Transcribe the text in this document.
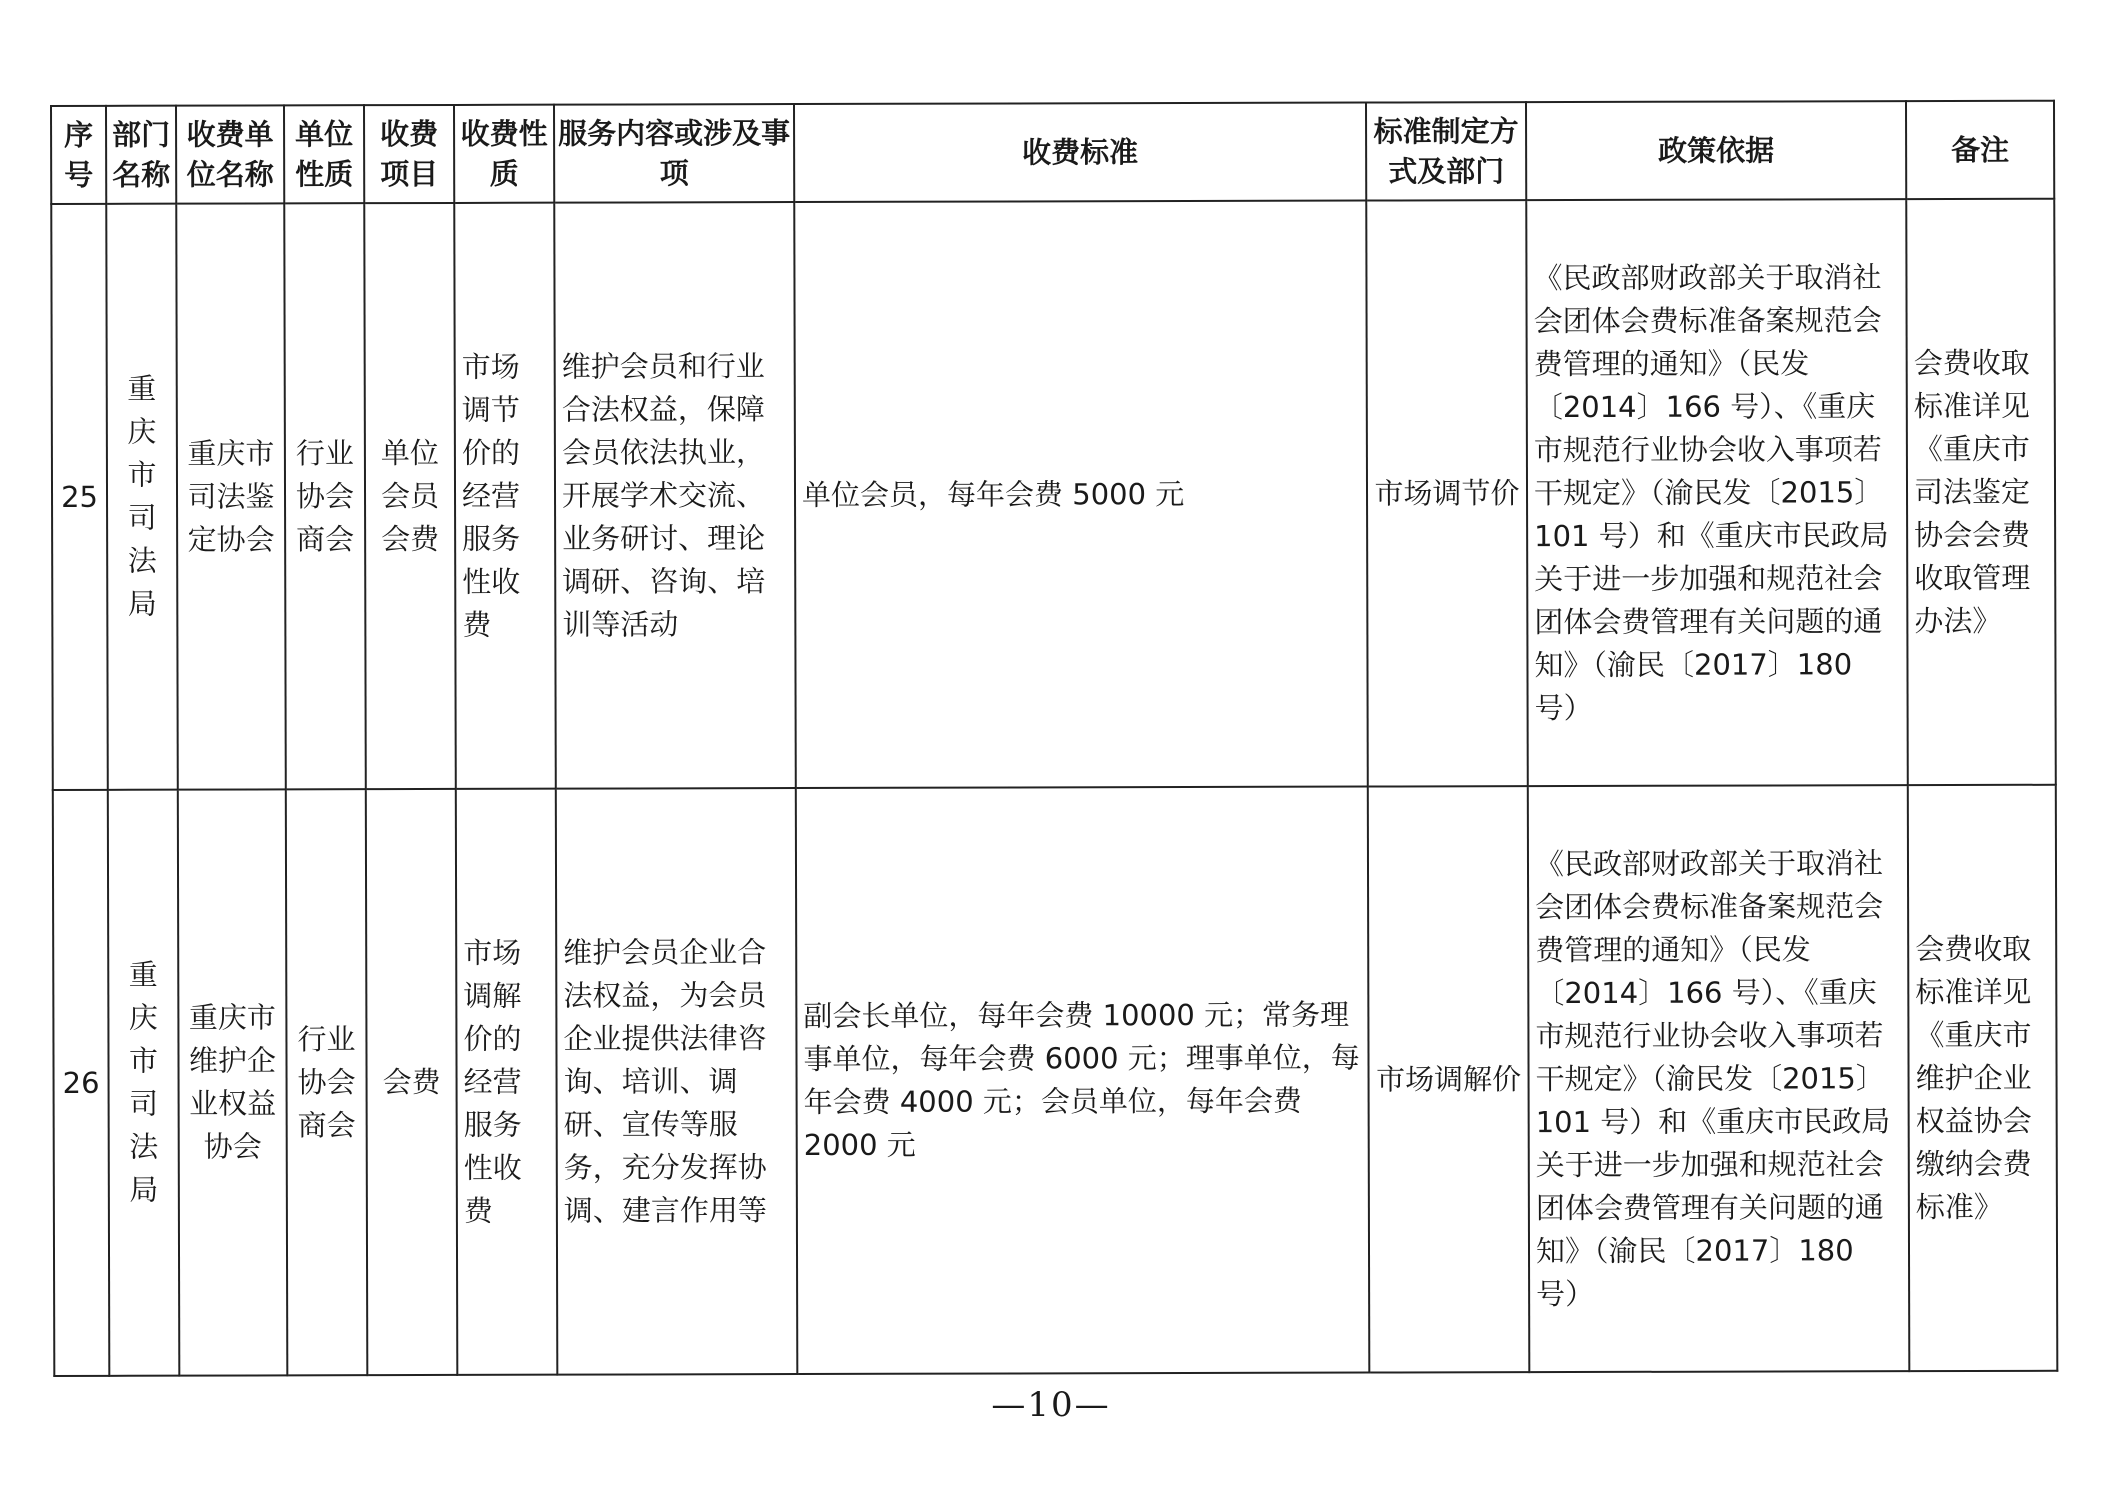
序号	部门名称	收费单位名称	单位性质	收费项目	收费性质	服务内容或涉及事项	收费标准	标准制定方式及部门	政策依据	备注
25	重庆市司法局	重庆市司法鉴定协会	行业协会商会	单位会员会费	市场调节价的经营服务性收费	维护会员和行业合法权益，保障会员依法执业，开展学术交流、业务研讨、理论调研、咨询、培训等活动	单位会员，每年会费 5000 元	市场调节价	《民政部财政部关于取消社会团体会费标准备案规范会费管理的通知》（民发〔2014〕166 号）、《重庆市规范行业协会收入事项若干规定》（渝民发〔2015〕101 号）和《重庆市民政局关于进一步加强和规范社会团体会费管理有关问题的通知》（渝民〔2017〕180 号）	会费收取标准详见《重庆市司法鉴定协会会费收取管理办法》
26	重庆市司法局	重庆市维护企业权益协会	行业协会商会	会费	市场调解价的经营服务性收费	维护会员企业合法权益，为会员企业提供法律咨询、培训、调研、宣传等服务，充分发挥协调、建言作用等	副会长单位，每年会费 10000 元；常务理事单位，每年会费 6000 元；理事单位，每年会费 4000 元；会员单位，每年会费 2000 元	市场调解价	《民政部财政部关于取消社会团体会费标准备案规范会费管理的通知》（民发〔2014〕166 号）、《重庆市规范行业协会收入事项若干规定》（渝民发〔2015〕101 号）和《重庆市民政局关于进一步加强和规范社会团体会费管理有关问题的通知》（渝民〔2017〕180 号）	会费收取标准详见《重庆市维护企业权益协会缴纳会费标准》
—10—
